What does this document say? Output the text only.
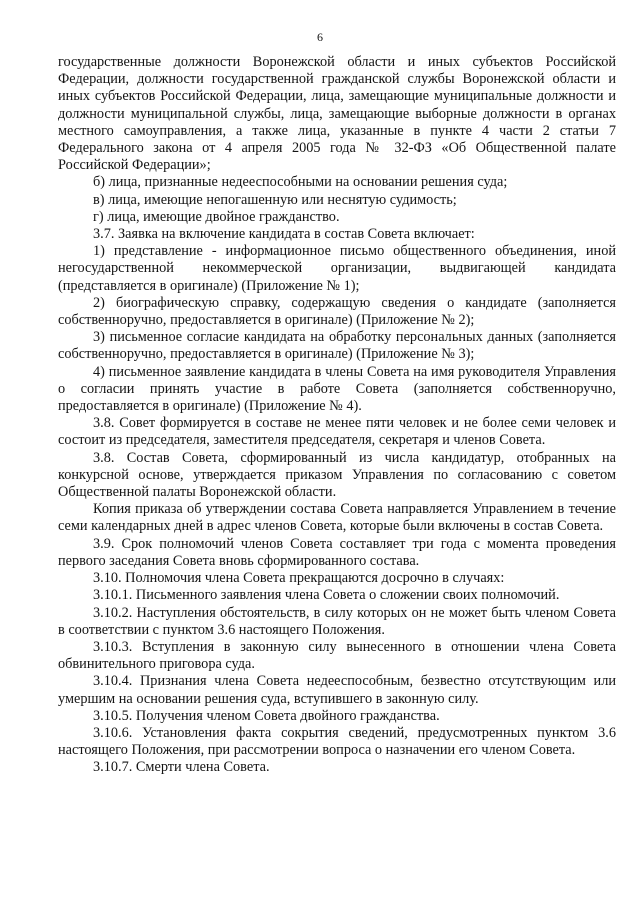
6

государственные должности Воронежской области и иных субъектов Российской Федерации, должности государственной гражданской службы Воронежской области и иных субъектов Российской Федерации, лица, замещающие муниципальные должности и должности муниципальной службы, лица, замещающие выборные должности в органах местного самоуправления, а также лица, указанные в пункте 4 части 2 статьи 7 Федерального закона от 4 апреля 2005 года № 32-ФЗ «Об Общественной палате Российской Федерации»;

б) лица, признанные недееспособными на основании решения суда;

в) лица, имеющие непогашенную или неснятую судимость;

г) лица, имеющие двойное гражданство.

3.7. Заявка на включение кандидата в состав Совета включает:

1) представление - информационное письмо общественного объединения, иной негосударственной некоммерческой организации, выдвигающей кандидата (представляется в оригинале) (Приложение № 1);

2) биографическую справку, содержащую сведения о кандидате (заполняется собственноручно, предоставляется в оригинале) (Приложение № 2);

3) письменное согласие кандидата на обработку персональных данных (заполняется собственноручно, предоставляется в оригинале) (Приложение № 3);

4) письменное заявление кандидата в члены Совета на имя руководителя Управления о согласии принять участие в работе Совета (заполняется собственноручно, предоставляется в оригинале) (Приложение № 4).

3.8. Совет формируется в составе не менее пяти человек и не более семи человек и состоит из председателя, заместителя председателя, секретаря и членов Совета.

3.8. Состав Совета, сформированный из числа кандидатур, отобранных на конкурсной основе, утверждается приказом Управления по согласованию с советом Общественной палаты Воронежской области.

Копия приказа об утверждении состава Совета направляется Управлением в течение семи календарных дней в адрес членов Совета, которые были включены в состав Совета.

3.9. Срок полномочий членов Совета составляет три года с момента проведения первого заседания Совета вновь сформированного состава.

3.10. Полномочия члена Совета прекращаются досрочно в случаях:

3.10.1. Письменного заявления члена Совета о сложении своих полномочий.

3.10.2. Наступления обстоятельств, в силу которых он не может быть членом Совета в соответствии с пунктом 3.6 настоящего Положения.

3.10.3. Вступления в законную силу вынесенного в отношении члена Совета обвинительного приговора суда.

3.10.4. Признания члена Совета недееспособным, безвестно отсутствующим или умершим на основании решения суда, вступившего в законную силу.

3.10.5. Получения членом Совета двойного гражданства.

3.10.6. Установления факта сокрытия сведений, предусмотренных пунктом 3.6 настоящего Положения, при рассмотрении вопроса о назначении его членом Совета.

3.10.7. Смерти члена Совета.
